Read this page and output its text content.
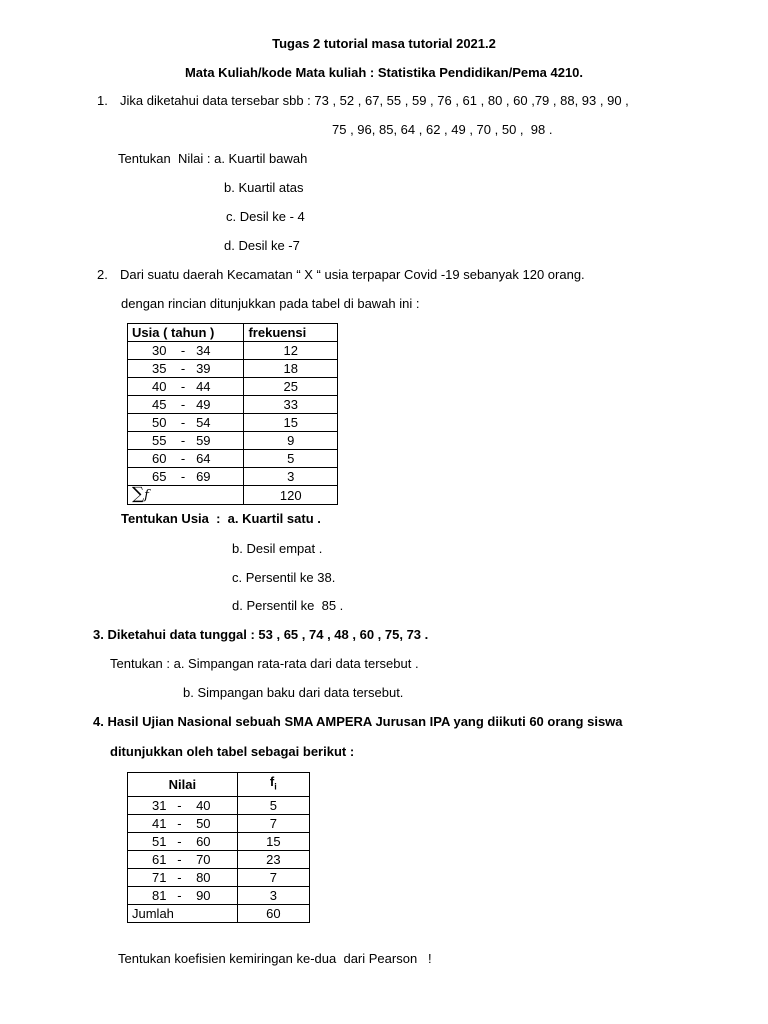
Tugas 2 tutorial masa tutorial 2021.2
Mata Kuliah/kode Mata kuliah : Statistika Pendidikan/Pema 4210.
1. Jika diketahui data tersebar sbb : 73 , 52 , 67, 55 , 59 , 76 , 61 , 80 , 60 ,79 , 88, 93 , 90 ,
75 , 96, 85, 64 , 62 , 49 , 70 , 50 ,  98 .
Tentukan  Nilai : a. Kuartil bawah
b. Kuartil atas
c. Desil ke - 4
d. Desil ke -7
2. Dari suatu daerah Kecamatan “ X “ usia terpapar Covid -19 sebanyak 120 orang.
dengan rincian ditunjukkan pada tabel di bawah ini :
Usia ( tahun )	frekuensi
30    -   34	12
35    -   39	18
40    -   44	25
45    -   49	33
50    -   54	15
55    -   59	9
60    -   64	5
65    -   69	3
∑f	120
Tentukan Usia  :  a. Kuartil satu .
b. Desil empat .
c. Persentil ke 38.
d. Persentil ke  85 .
3. Diketahui data tunggal : 53 , 65 , 74 , 48 , 60 , 75, 73 .
Tentukan : a. Simpangan rata-rata dari data tersebut .
b. Simpangan baku dari data tersebut.
4. Hasil Ujian Nasional sebuah SMA AMPERA Jurusan IPA yang diikuti 60 orang siswa
ditunjukkan oleh tabel sebagai berikut :
Nilai	$f_i$
31   -    40	5
41   -    50	7
51   -    60	15
61   -    70	23
71   -    80	7
81   -    90	3
Jumlah	60
Tentukan koefisien kemiringan ke-dua  dari Pearson   !
